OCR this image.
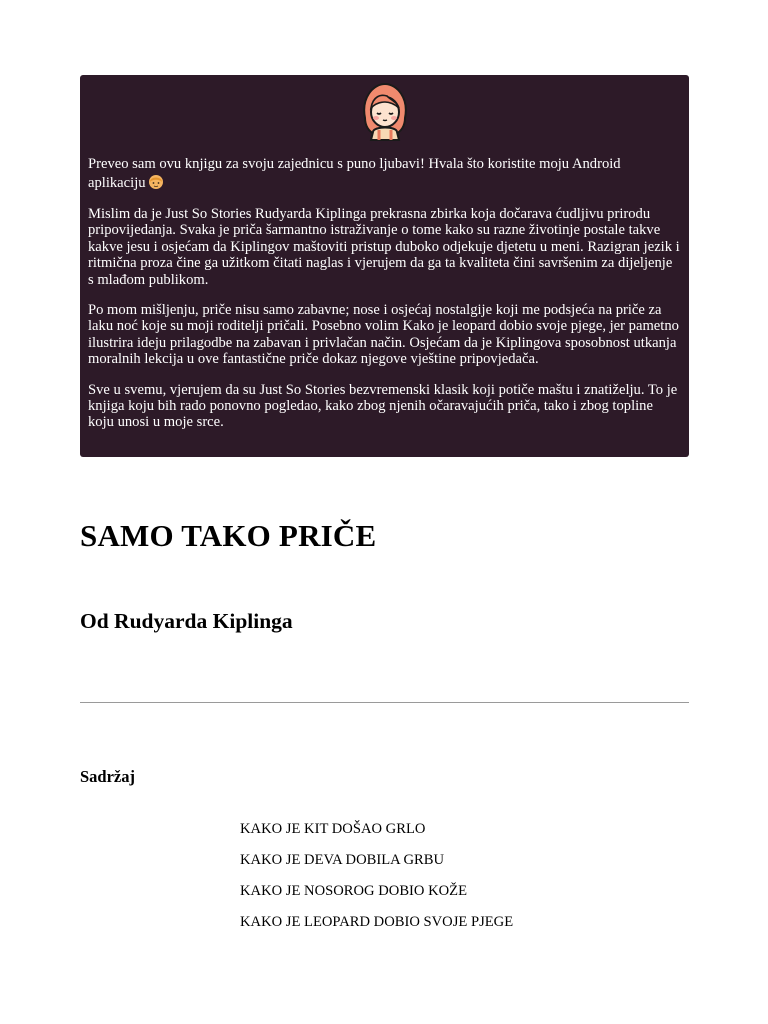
Preveo sam ovu knjigu za svoju zajednicu s puno ljubavi! Hvala što koristite moju Android aplikaciju

Mislim da je Just So Stories Rudyarda Kiplinga prekrasna zbirka koja dočarava ćudljivu prirodu pripovijedanja. Svaka je priča šarmantno istraživanje o tome kako su razne životinje postale takve kakve jesu i osjećam da Kiplingov maštoviti pristup duboko odjekuje djetetu u meni. Razigran jezik i ritmična proza čine ga užitkom čitati naglas i vjerujem da ga ta kvaliteta čini savršenim za dijeljenje s mlađom publikom.

Po mom mišljenju, priče nisu samo zabavne; nose i osjećaj nostalgije koji me podsjeća na priče za laku noć koje su moji roditelji pričali. Posebno volim Kako je leopard dobio svoje pjege, jer pametno ilustrira ideju prilagodbe na zabavan i privlačan način. Osjećam da je Kiplingova sposobnost utkanja moralnih lekcija u ove fantastične priče dokaz njegove vještine pripovjedača.

Sve u svemu, vjerujem da su Just So Stories bezvremenski klasik koji potiče maštu i znatiželju. To je knjiga koju bih rado ponovno pogledao, kako zbog njenih očaravajućih priča, tako i zbog topline koju unosi u moje srce.

SAMO TAKO PRIČE
Od Rudyarda Kiplinga
Sadržaj
KAKO JE KIT DOŠAO GRLO
KAKO JE DEVA DOBILA GRBU
KAKO JE NOSOROG DOBIO KOŽE
KAKO JE LEOPARD DOBIO SVOJE PJEGE
